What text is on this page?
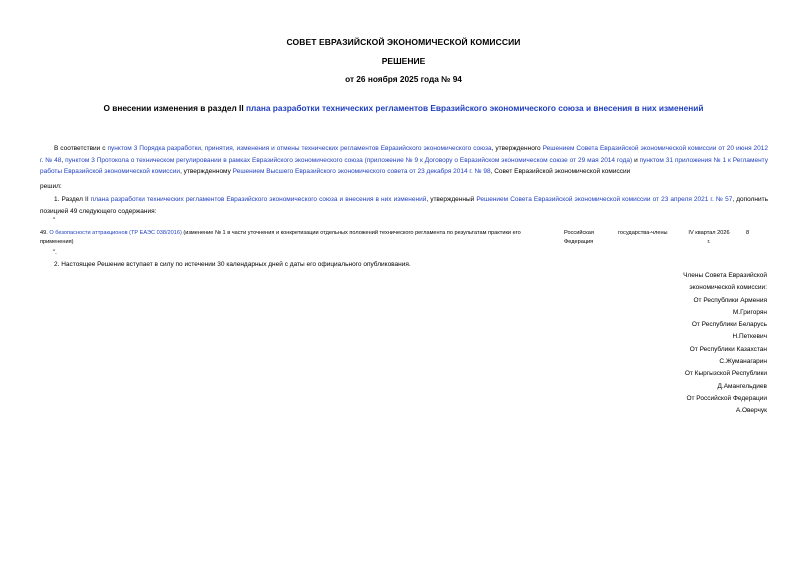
СОВЕТ ЕВРАЗИЙСКОЙ ЭКОНОМИЧЕСКОЙ КОМИССИИ
РЕШЕНИЕ
от 26 ноября 2025 года № 94
О внесении изменения в раздел II плана разработки технических регламентов Евразийского экономического союза и внесения в них изменений
В соответствии с пунктом 3 Порядка разработки, принятия, изменения и отмены технических регламентов Евразийского экономического союза, утвержденного Решением Совета Евразийской экономической комиссии от 20 июня 2012 г. № 48, пунктом 3 Протокола о техническом регулировании в рамках Евразийского экономического союза (приложение № 9 к Договору о Евразийском экономическом союзе от 29 мая 2014 года) и пунктом 31 приложения № 1 к Регламенту работы Евразийской экономической комиссии, утвержденному Решением Высшего Евразийского экономического совета от 23 декабря 2014 г. № 98, Совет Евразийской экономической комиссии
решил:
1. Раздел II плана разработки технических регламентов Евразийского экономического союза и внесения в них изменений, утвержденный Решением Совета Евразийской экономической комиссии от 23 апреля 2021 г. № 57, дополнить позицией 49 следующего содержания:
"
49. О безопасности аттракционов (ТР ЕАЭС 038/2016) (изменение № 1 в части уточнения и конкретизации отдельных положений технического регламента по результатам практики его применения)
Российская Федерация
государства-члены	IV квартал 2026 г.
8
".
2. Настоящее Решение вступает в силу по истечении 30 календарных дней с даты его официального опубликования.
Члены Совета Евразийской
экономической комиссии:
От Республики Армения
М.Григорян
От Республики Беларусь
Н.Петкевич
От Республики Казахстан
С.Жуманагарин
От Кыргызской Республики
Д.Амангельдиев
От Российской Федерации
А.Оверчук
